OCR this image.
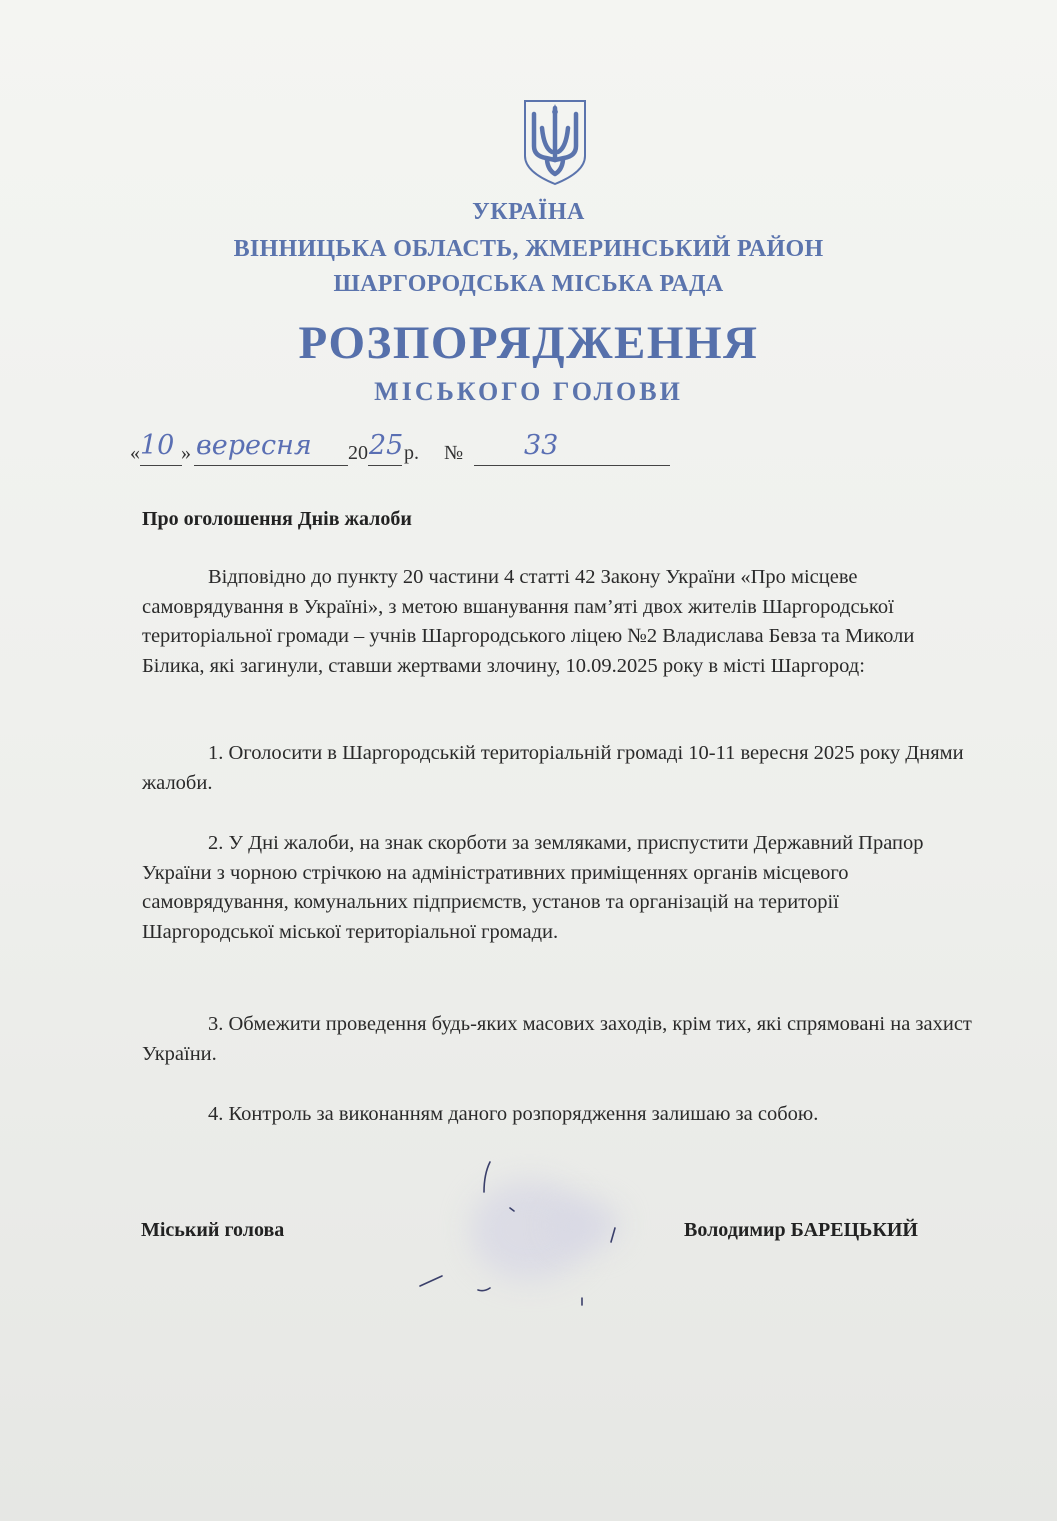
УКРАЇНА
ВІННИЦЬКА ОБЛАСТЬ, ЖМЕРИНСЬКИЙ РАЙОН
ШАРГОРОДСЬКА МІСЬКА РАДА
РОЗПОРЯДЖЕННЯ
МІСЬКОГО ГОЛОВИ
« 10 » вересня 20 25 р. № 33
Про оголошення Днів жалоби

Відповідно до пункту 20 частини 4 статті 42 Закону України «Про місцеве самоврядування в Україні», з метою вшанування пам’яті двох жителів Шаргородської територіальної громади – учнів Шаргородського ліцею №2 Владислава Бевза та Миколи Білика, які загинули, ставши жертвами злочину, 10.09.2025 року в місті Шаргород:

1. Оголосити в Шаргородській територіальній громаді 10-11 вересня 2025 року Днями жалоби.

2. У Дні жалоби, на знак скорботи за земляками, приспустити Державний Прапор України з чорною стрічкою на адміністративних приміщеннях органів місцевого самоврядування, комунальних підприємств, установ та організацій на території Шаргородської міської територіальної громади.

3. Обмежити проведення будь-яких масових заходів, крім тих, які спрямовані на захист України.

4. Контроль за виконанням даного розпорядження залишаю за собою.

Міський голова	Володимир БАРЕЦЬКИЙ
